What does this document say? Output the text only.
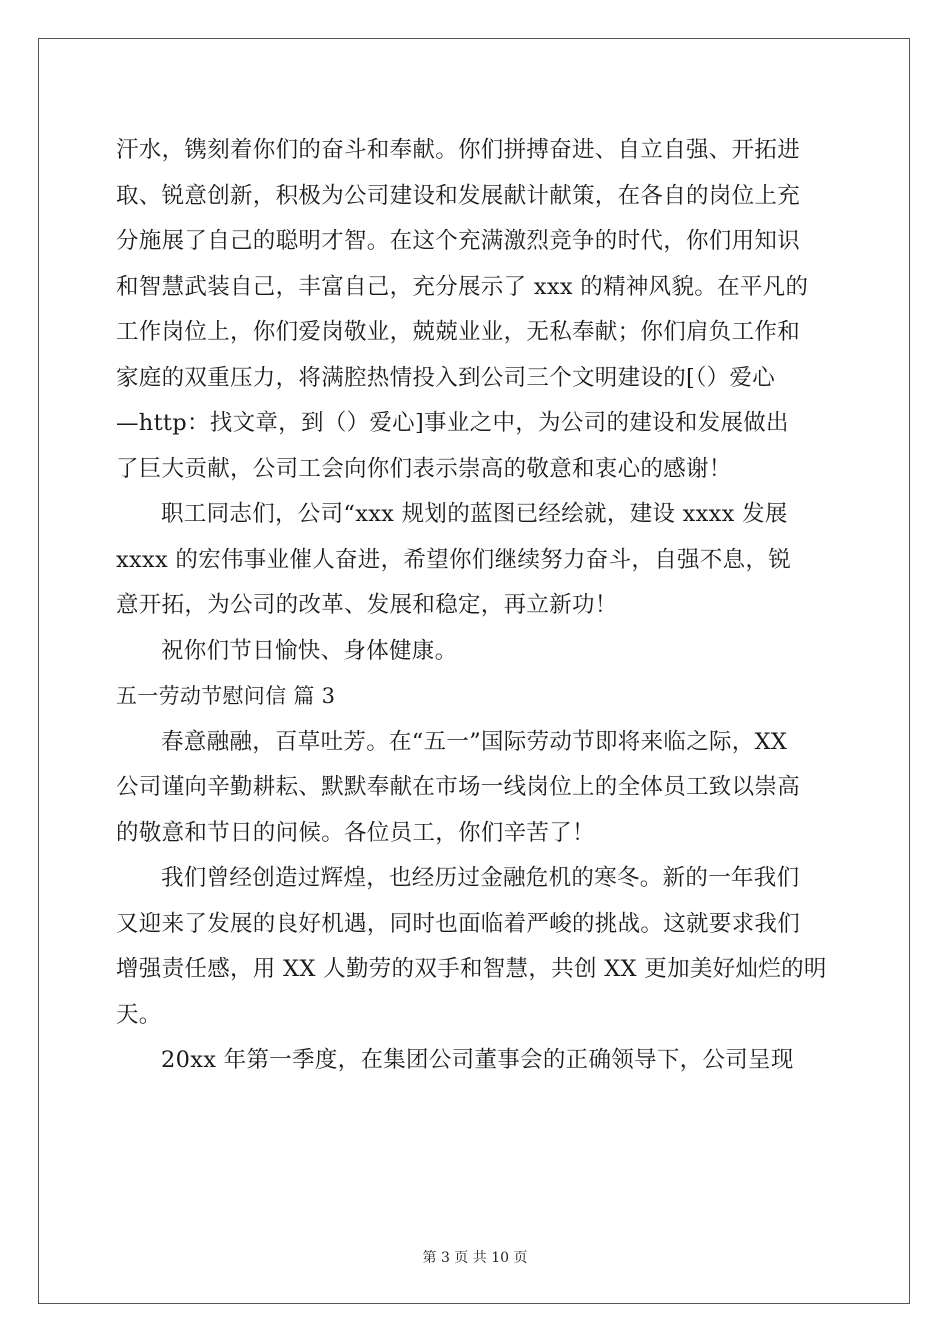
汗水，镌刻着你们的奋斗和奉献。你们拼搏奋进、自立自强、开拓进
取、锐意创新，积极为公司建设和发展献计献策，在各自的岗位上充
分施展了自己的聪明才智。在这个充满激烈竞争的时代，你们用知识
和智慧武装自己，丰富自己，充分展示了 xxx 的精神风貌。在平凡的
工作岗位上，你们爱岗敬业，兢兢业业，无私奉献；你们肩负工作和
家庭的双重压力，将满腔热情投入到公司三个文明建设的[（）爱心
—http：找文章，到（）爱心]事业之中，为公司的建设和发展做出
了巨大贡献，公司工会向你们表示崇高的敬意和衷心的感谢！
职工同志们，公司“xxx 规划的蓝图已经绘就，建设 xxxx 发展
xxxx 的宏伟事业催人奋进，希望你们继续努力奋斗，自强不息，锐
意开拓，为公司的改革、发展和稳定，再立新功！
祝你们节日愉快、身体健康。
五一劳动节慰问信 篇 3
春意融融，百草吐芳。在“五一”国际劳动节即将来临之际，XX
公司谨向辛勤耕耘、默默奉献在市场一线岗位上的全体员工致以崇高
的敬意和节日的问候。各位员工，你们辛苦了！
我们曾经创造过辉煌，也经历过金融危机的寒冬。新的一年我们
又迎来了发展的良好机遇，同时也面临着严峻的挑战。这就要求我们
增强责任感，用 XX 人勤劳的双手和智慧，共创 XX 更加美好灿烂的明
天。
20xx 年第一季度，在集团公司董事会的正确领导下，公司呈现
第 3 页 共 10 页
